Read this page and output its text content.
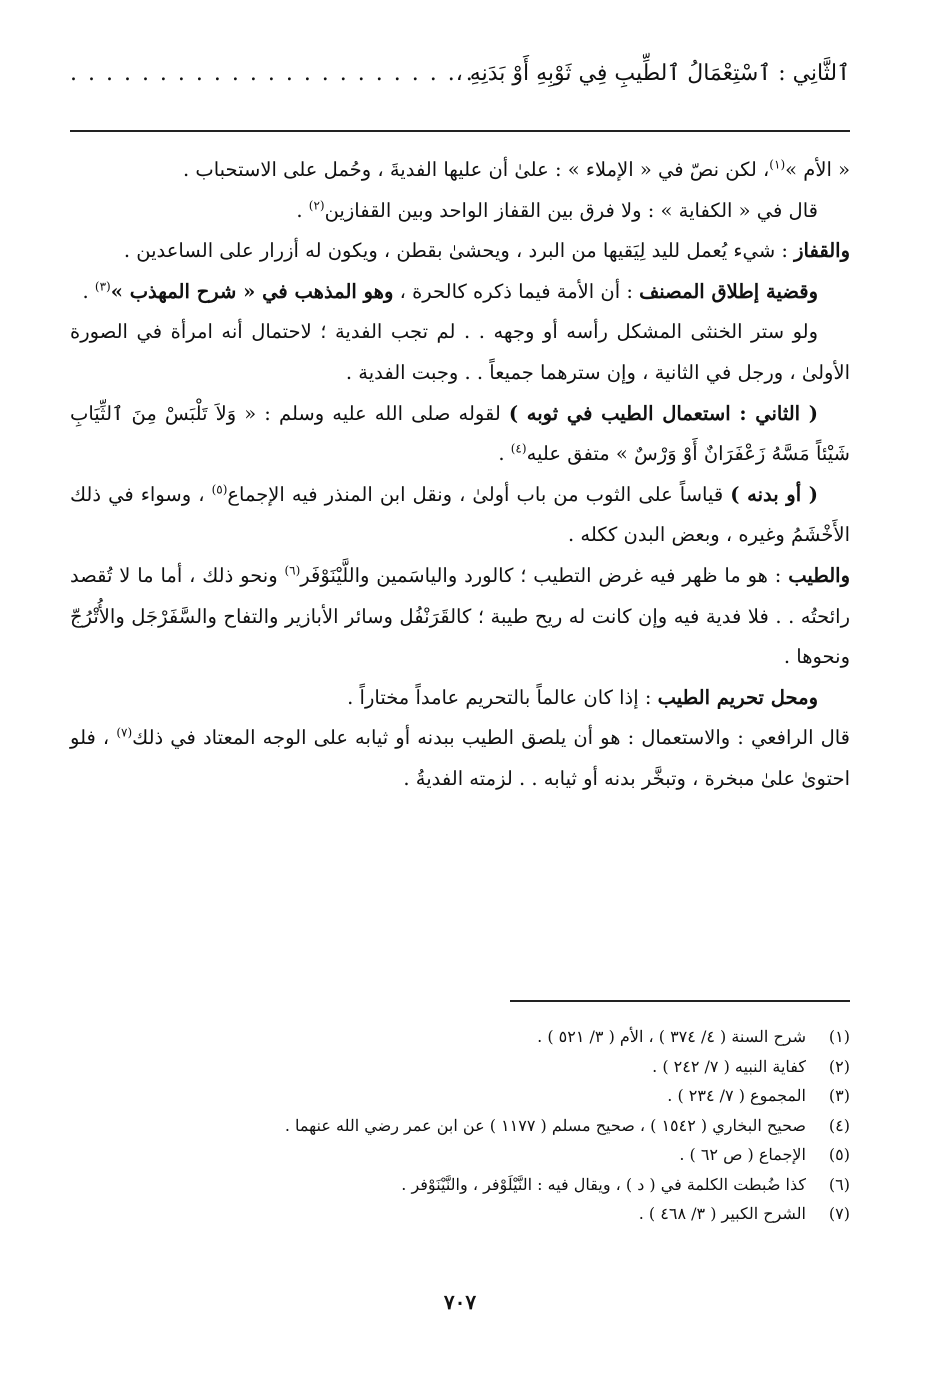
ٱلثَّانِي : ٱسْتِعْمَالُ ٱلطِّيبِ فِي ثَوْبِهِ أَوْ بَدَنِهِ ،
. . . . . . . . . . . . . . . . . . . . . . .

« الأم »$^{(١)}$، لكن نصّ في « الإملاء » : علىٰ أن عليها الفديةَ ، وحُمل على الاستحباب .

قال في « الكفاية » : ولا فرق بين القفاز الواحد وبين القفازين$^{(٢)}$ .

والقفاز : شيء يُعمل لليد لِيَقيها من البرد ، ويحشىٰ بقطن ، ويكون له أزرار على الساعدين .

وقضية إطلاق المصنف : أن الأمة فيما ذكره كالحرة ، وهو المذهب في « شرح المهذب »$^{(٣)}$ .

ولو ستر الخنثى المشكل رأسه أو وجهه . . لم تجب الفدية ؛ لاحتمال أنه امرأة في الصورة الأولىٰ ، ورجل في الثانية ، وإن سترهما جميعاً . . وجبت الفدية .

( الثاني : استعمال الطيب في ثوبه ) لقوله صلى الله عليه وسلم : « وَلاَ تَلْبَسْ مِنَ ٱلثِّيَابِ شَيْئاً مَسَّهُ زَعْفَرَانٌ أَوْ وَرْسٌ » متفق عليه$^{(٤)}$ .

( أو بدنه ) قياساً على الثوب من باب أولىٰ ، ونقل ابن المنذر فيه الإجماع$^{(٥)}$ ، وسواء في ذلك الأَخْشَمُ وغيره ، وبعض البدن ككله .

والطيب : هو ما ظهر فيه غرض التطيب ؛ كالورد والياسَمين واللَّيْنَوْفَر$^{(٦)}$ ونحو ذلك ، أما ما لا تُقصد رائحتُه . . فلا فدية فيه وإن كانت له ريح طيبة ؛ كالقَرَنْفُل وسائر الأبازير والتفاح والسَّفَرْجَل والأُتْرُجّ ونحوها .

ومحل تحريم الطيب : إذا كان عالماً بالتحريم عامداً مختاراً .

قال الرافعي : والاستعمال : هو أن يلصق الطيب ببدنه أو ثيابه على الوجه المعتاد في ذلك$^{(٧)}$ ، فلو احتوىٰ علىٰ مبخرة ، وتبخَّر بدنه أو ثيابه . . لزمته الفديةُ .

(١)شرح السنة ( ٤/ ٣٧٤ ) ، الأم ( ٣/ ٥٢١ ) .
(٢)كفاية النبيه ( ٧/ ٢٤٢ ) .
(٣)المجموع ( ٧/ ٢٣٤ ) .
(٤)صحيح البخاري ( ١٥٤٢ ) ، صحيح مسلم ( ١١٧٧ ) عن ابن عمر رضي الله عنهما .
(٥)الإجماع ( ص ٦٢ ) .
(٦)كذا ضُبطت الكلمة في ( د ) ، ويقال فيه : النَّيْلَوْفر ، والنَّيْنَوْفر .
(٧)الشرح الكبير ( ٣/ ٤٦٨ ) .
٧٠٧
